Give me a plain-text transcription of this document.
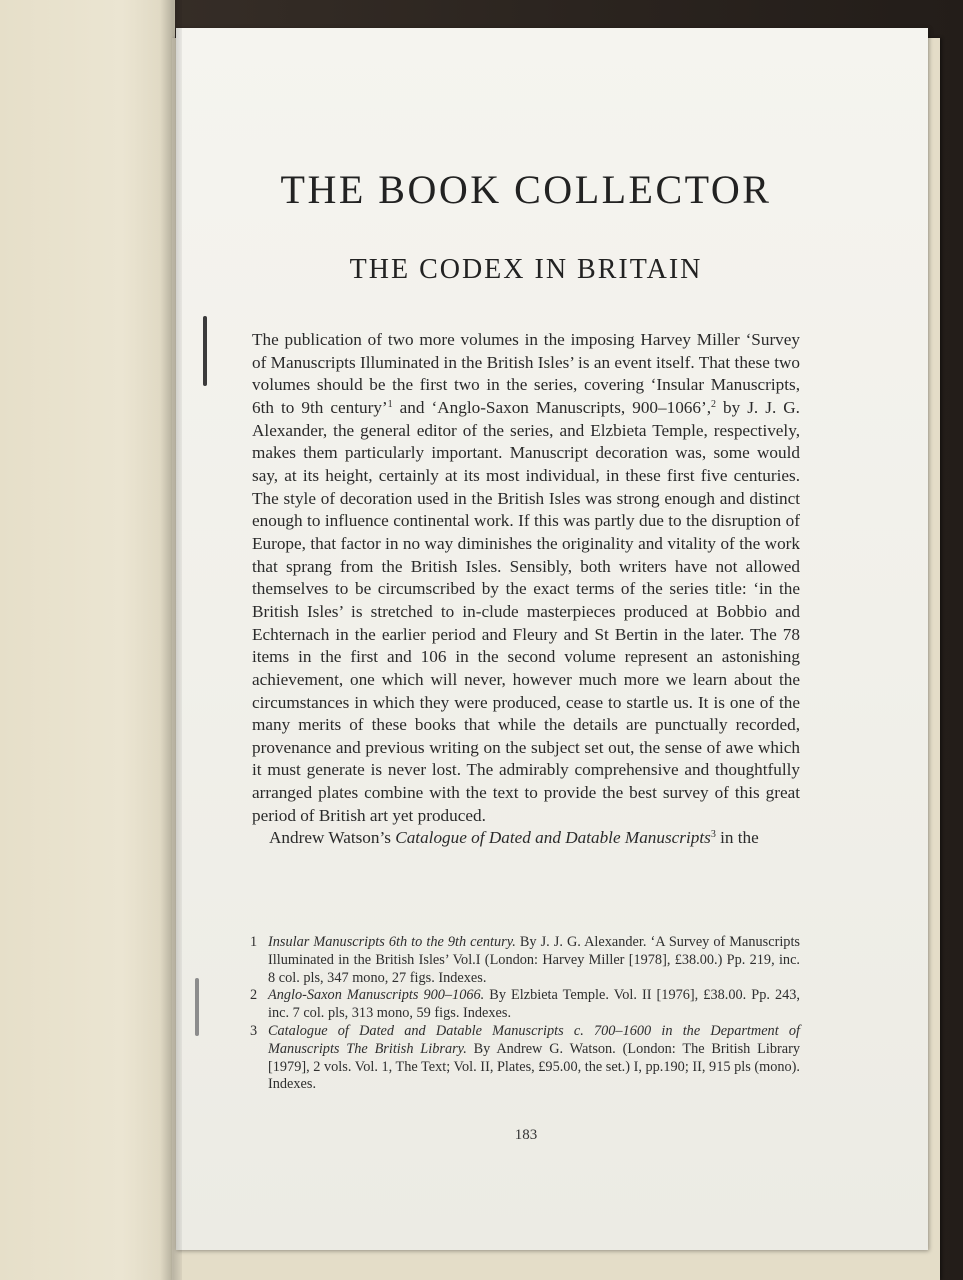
THE BOOK COLLECTOR
THE CODEX IN BRITAIN

The publication of two more volumes in the imposing Harvey Miller ‘Survey of Manuscripts Illuminated in the British Isles’ is an event itself. That these two volumes should be the first two in the series, covering ‘Insular Manuscripts, 6th to 9th century’$^1$ and ‘Anglo-Saxon Manuscripts, 900–1066’,$^2$ by J. J. G. Alexander, the general editor of the series, and Elzbieta Temple, respectively, makes them particularly important. Manuscript decoration was, some would say, at its height, certainly at its most individual, in these first five centuries. The style of decoration used in the British Isles was strong enough and distinct enough to influence continental work. If this was partly due to the disruption of Europe, that factor in no way diminishes the originality and vitality of the work that sprang from the British Isles. Sensibly, both writers have not allowed themselves to be circumscribed by the exact terms of the series title: ‘in the British Isles’ is stretched to in-clude masterpieces produced at Bobbio and Echternach in the earlier period and Fleury and St Bertin in the later. The 78 items in the first and 106 in the second volume represent an astonishing achievement, one which will never, however much more we learn about the circumstances in which they were produced, cease to startle us. It is one of the many merits of these books that while the details are punctually recorded, provenance and previous writing on the subject set out, the sense of awe which it must generate is never lost. The admirably comprehensive and thoughtfully arranged plates combine with the text to provide the best survey of this great period of British art yet produced.

Andrew Watson’s Catalogue of Dated and Datable Manuscripts$^3$ in the

1 Insular Manuscripts 6th to the 9th century. By J. J. G. Alexander. ‘A Survey of Manuscripts Illuminated in the British Isles’ Vol.I (London: Harvey Miller [1978], £38.00.) Pp. 219, inc. 8 col. pls, 347 mono, 27 figs. Indexes.
2 Anglo-Saxon Manuscripts 900–1066. By Elzbieta Temple. Vol. II [1976], £38.00. Pp. 243, inc. 7 col. pls, 313 mono, 59 figs. Indexes.
3 Catalogue of Dated and Datable Manuscripts c. 700–1600 in the Department of Manuscripts The British Library. By Andrew G. Watson. (London: The British Library [1979], 2 vols. Vol. 1, The Text; Vol. II, Plates, £95.00, the set.) I, pp.190; II, 915 pls (mono). Indexes.
183
